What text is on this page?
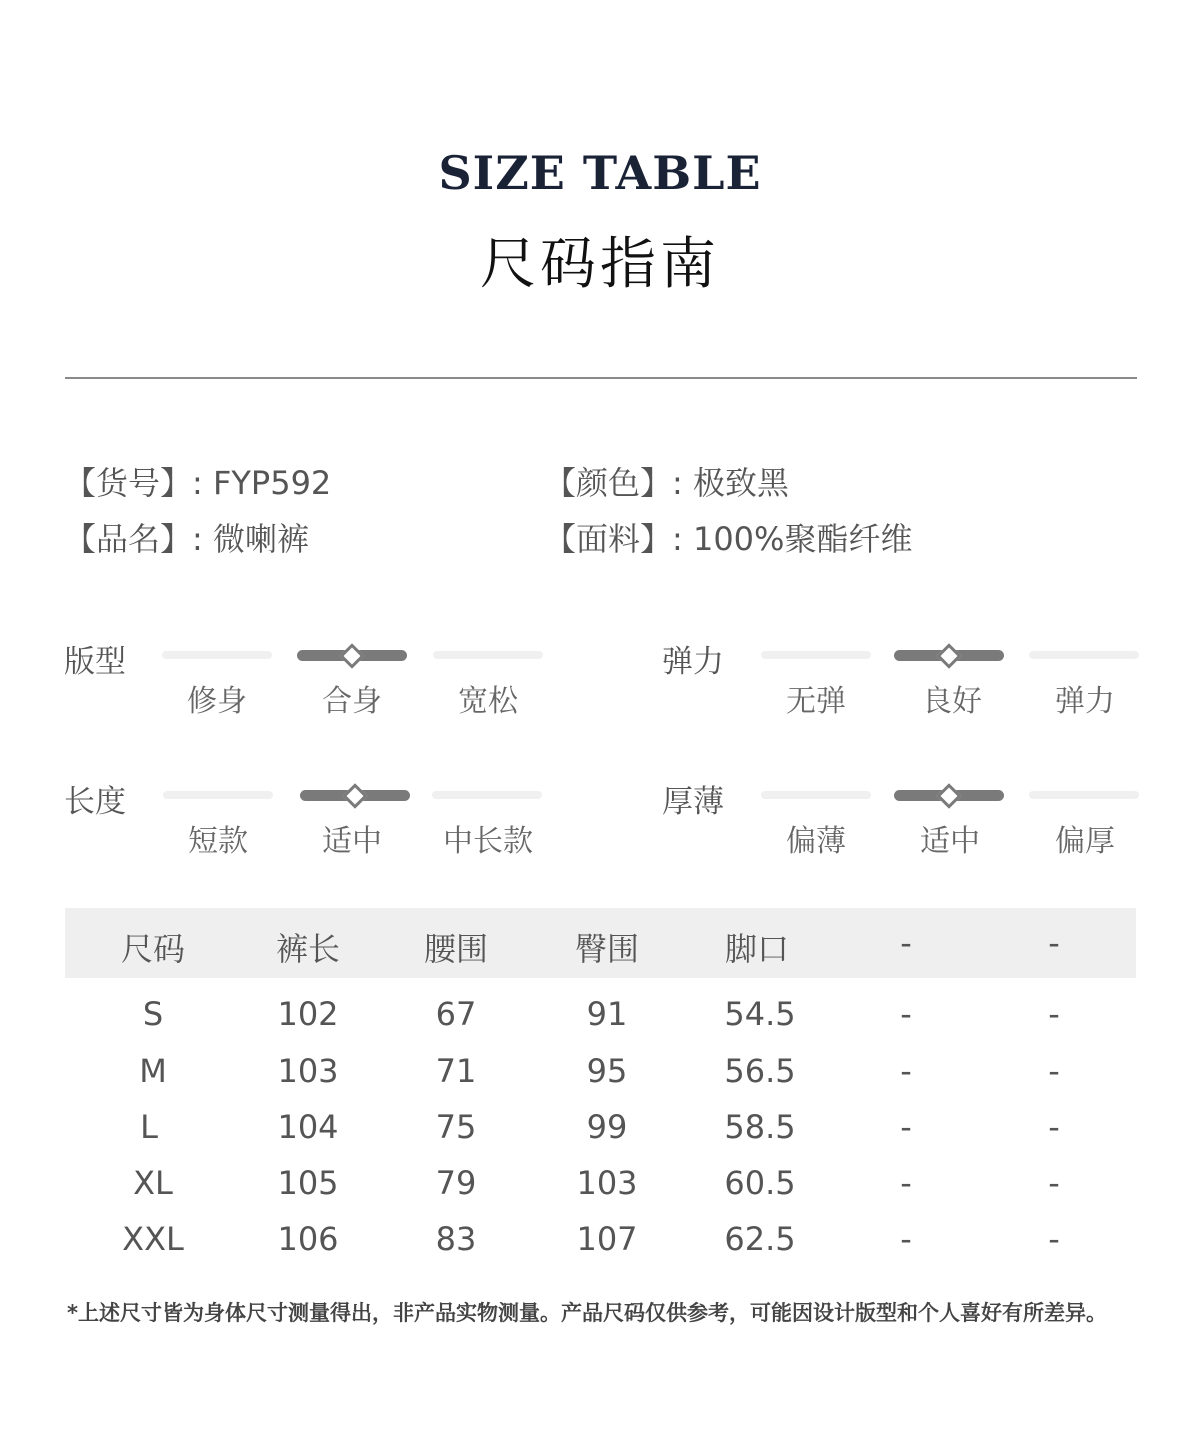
SIZE TABLE
尺码指南
【货号】: FYP592
【品名】: 微喇裤
【颜色】: 极致黑
【面料】: 100%聚酯纤维
版型
修身	合身	宽松
弹力
无弹	良好	弹力
长度
短款	适中	中长款
厚薄
偏薄	适中	偏厚
尺码	裤长	腰围	臀围	脚口	-	-
S	102	67	91	54.5	-	-
M	103	71	95	56.5	-	-
L	104	75	99	58.5	-	-
XL	105	79	103	60.5	-	-
XXL	106	83	107	62.5	-	-
*上述尺寸皆为身体尺寸测量得出，非产品实物测量。产品尺码仅供参考，可能因设计版型和个人喜好有所差异。
